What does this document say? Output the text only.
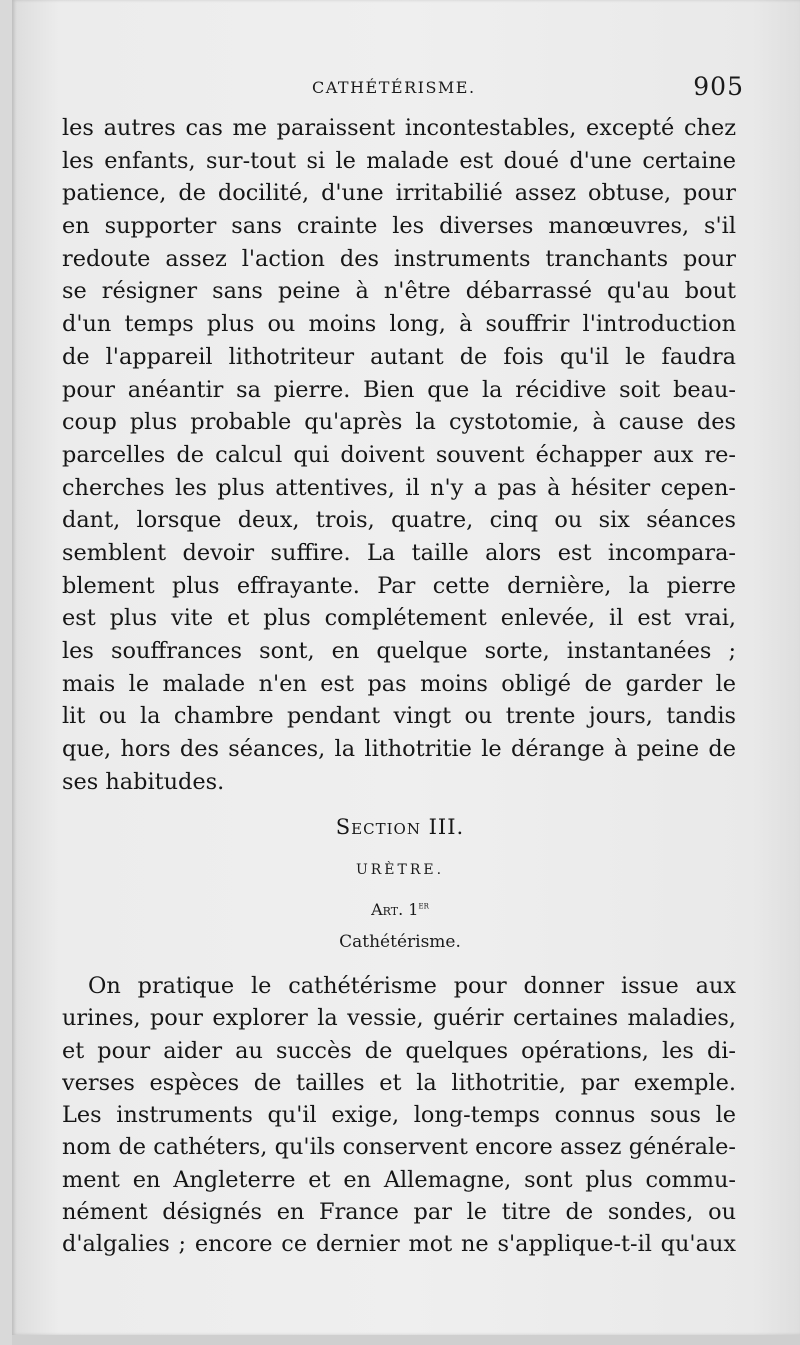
CATHÉTÉRISME.	905
les autres cas me paraissent incontestables, excepté chez
les enfants, sur-tout si le malade est doué d'une certaine
patience, de docilité, d'une irritabilié assez obtuse, pour
en supporter sans crainte les diverses manœuvres, s'il
redoute assez l'action des instruments tranchants pour
se résigner sans peine à n'être débarrassé qu'au bout
d'un temps plus ou moins long, à souffrir l'introduction
de l'appareil lithotriteur autant de fois qu'il le faudra
pour anéantir sa pierre. Bien que la récidive soit beau-
coup plus probable qu'après la cystotomie, à cause des
parcelles de calcul qui doivent souvent échapper aux re-
cherches les plus attentives, il n'y a pas à hésiter cepen-
dant, lorsque deux, trois, quatre, cinq ou six séances
semblent devoir suffire. La taille alors est incompara-
blement plus effrayante. Par cette dernière, la pierre
est plus vite et plus complétement enlevée, il est vrai,
les souffrances sont, en quelque sorte, instantanées ;
mais le malade n'en est pas moins obligé de garder le
lit ou la chambre pendant vingt ou trente jours, tandis
que, hors des séances, la lithotritie le dérange à peine de
ses habitudes.
Section III.
URÈTRE.
Art. 1er
Cathétérisme.
On pratique le cathétérisme pour donner issue aux
urines, pour explorer la vessie, guérir certaines maladies,
et pour aider au succès de quelques opérations, les di-
verses espèces de tailles et la lithotritie, par exemple.
Les instruments qu'il exige, long-temps connus sous le
nom de cathéters, qu'ils conservent encore assez générale-
ment en Angleterre et en Allemagne, sont plus commu-
nément désignés en France par le titre de sondes, ou
d'algalies ; encore ce dernier mot ne s'applique-t-il qu'aux
